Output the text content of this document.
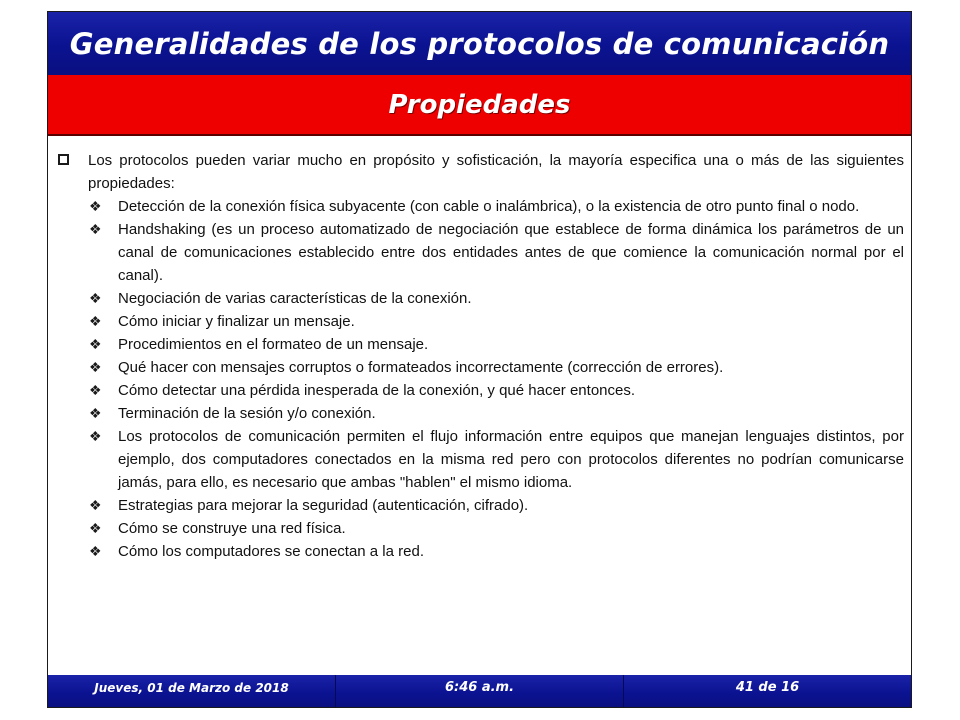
Generalidades de los protocolos de comunicación
Propiedades
Los protocolos pueden variar mucho en propósito y sofisticación, la mayoría especifica una o más de las siguientes propiedades:
❖ Detección de la conexión física subyacente (con cable o inalámbrica), o la existencia de otro punto final o nodo.
❖ Handshaking (es un proceso automatizado de negociación que establece de forma dinámica los parámetros de un canal de comunicaciones establecido entre dos entidades antes de que comience la comunicación normal por el canal).
❖ Negociación de varias características de la conexión.
❖ Cómo iniciar y finalizar un mensaje.
❖ Procedimientos en el formateo de un mensaje.
❖ Qué hacer con mensajes corruptos o formateados incorrectamente (corrección de errores).
❖ Cómo detectar una pérdida inesperada de la conexión, y qué hacer entonces.
❖ Terminación de la sesión y/o conexión.
❖ Los protocolos de comunicación permiten el flujo información entre equipos que manejan lenguajes distintos, por ejemplo, dos computadores conectados en la misma red pero con protocolos diferentes no podrían comunicarse jamás, para ello, es necesario que ambas "hablen" el mismo idioma.
❖ Estrategias para mejorar la seguridad (autenticación, cifrado).
❖ Cómo se construye una red física.
❖ Cómo los computadores se conectan a la red.
Jueves, 01 de Marzo de 2018	6:46 a.m.	41 de 16
